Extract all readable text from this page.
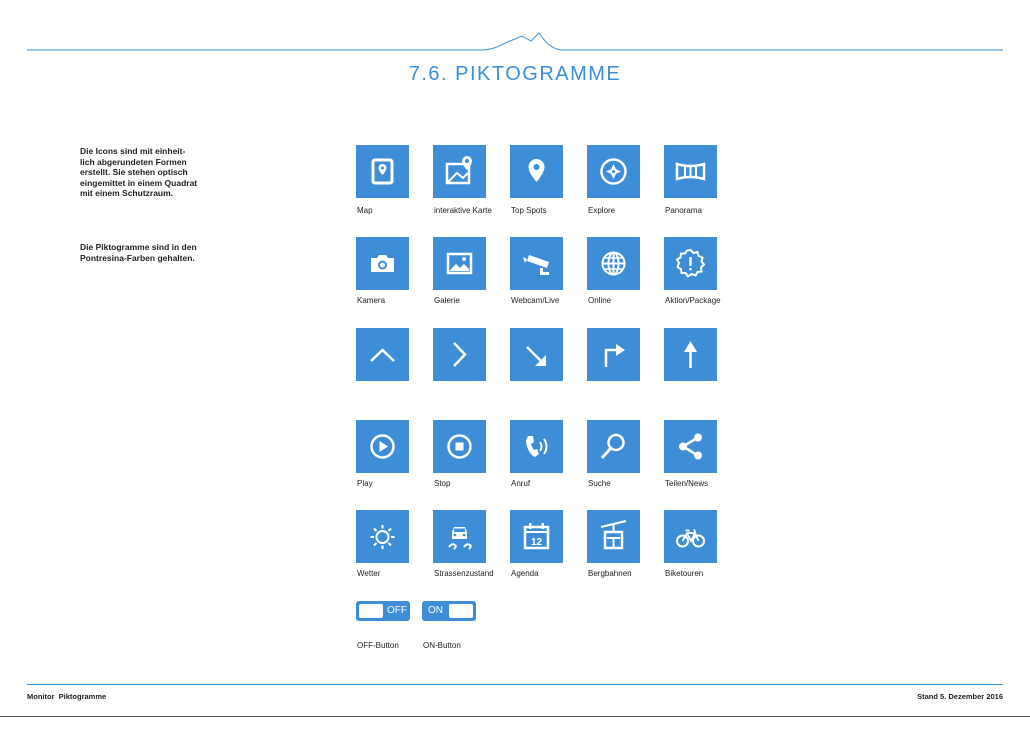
7.6. PIKTOGRAMME
Die Icons sind mit einheit-
lich abgerundeten Formen
erstellt. Sie stehen optisch
eingemittet in einem Quadrat
mit einem Schutzraum.
Die Piktogramme sind in den
Pontresina-Farben gehalten.
Map	interaktive Karte Top Spots	Explore	Panorama
Kamera	Galerie	Webcam/Live	Online	Aktion/Package
Play	Stop	Anruf	Suche	Teilen/News
Wetter	Strassenzustand
12
Agenda	Bergbahnen	Biketouren
OFF
OFF-Button
ON
ON-Button
Monitor  Piktogramme	Stand 5. Dezember 2016
